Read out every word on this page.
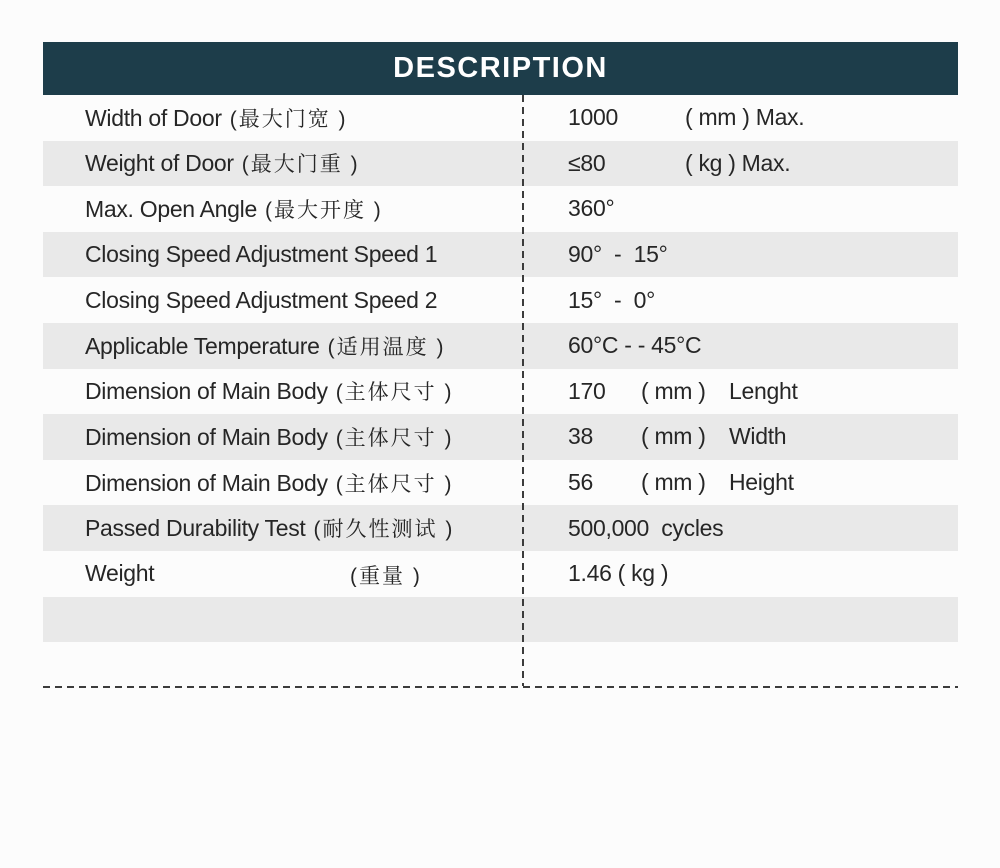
DESCRIPTION
Width of Door (最大门宽 )	1000	( mm ) Max.
Weight of Door (最大门重 )	≤80	( kg ) Max.
Max. Open Angle (最大开度 )	360°
Closing Speed Adjustment Speed 1	90°  -  15°
Closing Speed Adjustment Speed 2	15°  -  0°
Applicable Temperature (适用温度 )	60°C - - 45°C
Dimension of Main Body (主体尺寸 )	170	( mm )	Lenght
Dimension of Main Body (主体尺寸 )	38	( mm )	Width
Dimension of Main Body (主体尺寸 )	56	( mm )	Height
Passed Durability Test (耐久性测试 )	500,000  cycles
Weight	(重量 )	1.46 ( kg )
